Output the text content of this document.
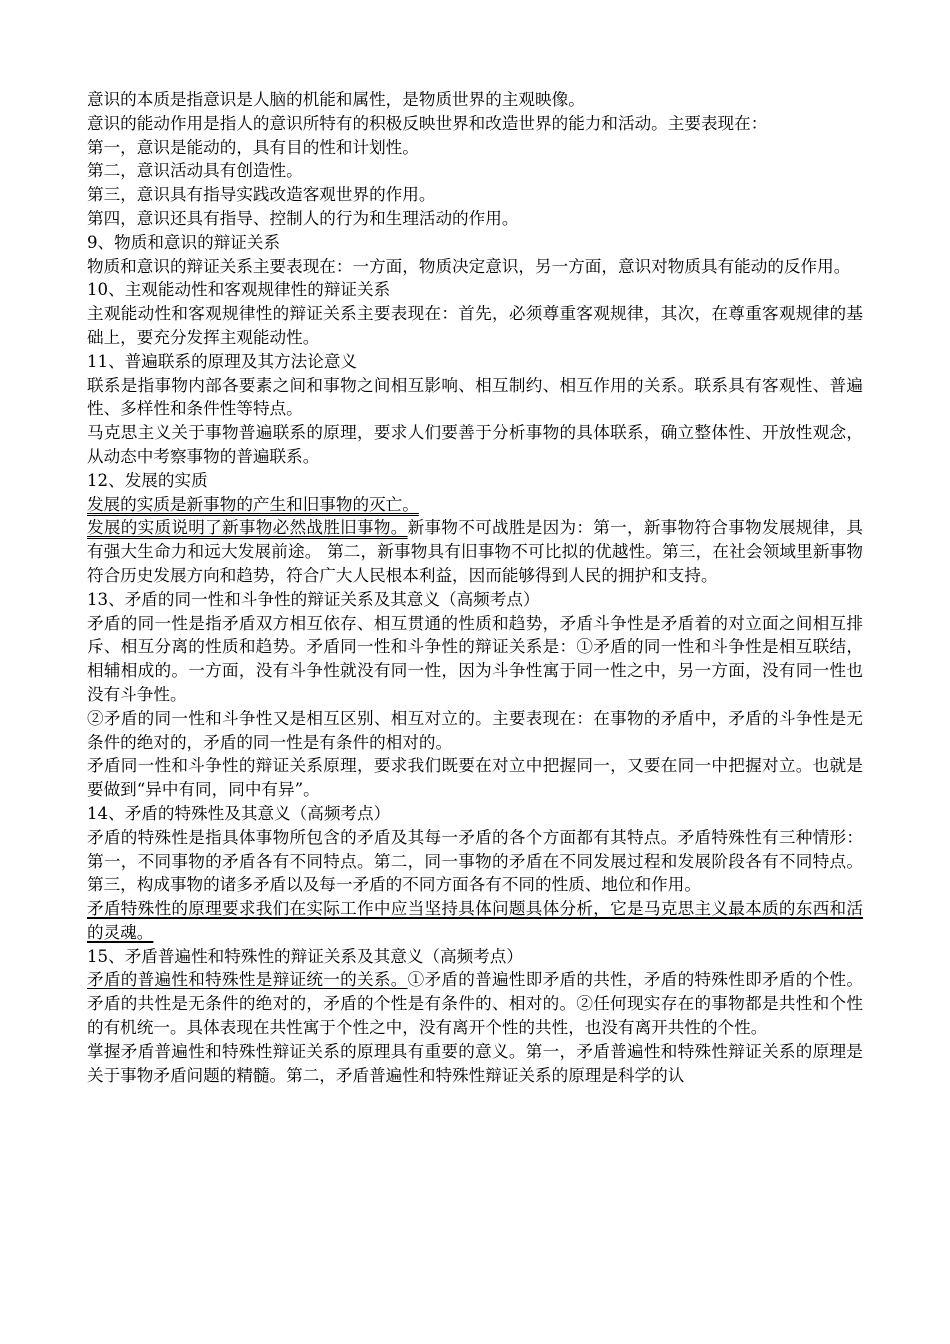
意识的本质是指意识是人脑的机能和属性，是物质世界的主观映像。

意识的能动作用是指人的意识所特有的积极反映世界和改造世界的能力和活动。主要表现在：

第一，意识是能动的，具有目的性和计划性。

第二，意识活动具有创造性。

第三，意识具有指导实践改造客观世界的作用。

第四，意识还具有指导、控制人的行为和生理活动的作用。

9、物质和意识的辩证关系

物质和意识的辩证关系主要表现在：一方面，物质决定意识，另一方面，意识对物质具有能动的反作用。

10、主观能动性和客观规律性的辩证关系

主观能动性和客观规律性的辩证关系主要表现在：首先，必须尊重客观规律，其次，在尊重客观规律的基础上，要充分发挥主观能动性。

11、普遍联系的原理及其方法论意义

联系是指事物内部各要素之间和事物之间相互影响、相互制约、相互作用的关系。联系具有客观性、普遍性、多样性和条件性等特点。

马克思主义关于事物普遍联系的原理，要求人们要善于分析事物的具体联系，确立整体性、开放性观念，从动态中考察事物的普遍联系。

12、发展的实质

发展的实质是新事物的产生和旧事物的灭亡。

发展的实质说明了新事物必然战胜旧事物。新事物不可战胜是因为：第一，新事物符合事物发展规律，具有强大生命力和远大发展前途。 第二，新事物具有旧事物不可比拟的优越性。第三，在社会领域里新事物符合历史发展方向和趋势，符合广大人民根本利益，因而能够得到人民的拥护和支持。

13、矛盾的同一性和斗争性的辩证关系及其意义（高频考点）

矛盾的同一性是指矛盾双方相互依存、相互贯通的性质和趋势，矛盾斗争性是矛盾着的对立面之间相互排斥、相互分离的性质和趋势。矛盾同一性和斗争性的辩证关系是：①矛盾的同一性和斗争性是相互联结，相辅相成的。一方面，没有斗争性就没有同一性，因为斗争性寓于同一性之中，另一方面，没有同一性也没有斗争性。

②矛盾的同一性和斗争性又是相互区别、相互对立的。主要表现在：在事物的矛盾中，矛盾的斗争性是无条件的绝对的，矛盾的同一性是有条件的相对的。

矛盾同一性和斗争性的辩证关系原理，要求我们既要在对立中把握同一，又要在同一中把握对立。也就是要做到“异中有同，同中有异”。

14、矛盾的特殊性及其意义（高频考点）

矛盾的特殊性是指具体事物所包含的矛盾及其每一矛盾的各个方面都有其特点。矛盾特殊性有三种情形：第一，不同事物的矛盾各有不同特点。第二，同一事物的矛盾在不同发展过程和发展阶段各有不同特点。第三，构成事物的诸多矛盾以及每一矛盾的不同方面各有不同的性质、地位和作用。

矛盾特殊性的原理要求我们在实际工作中应当坚持具体问题具体分析，它是马克思主义最本质的东西和活的灵魂。

15、矛盾普遍性和特殊性的辩证关系及其意义（高频考点）

矛盾的普遍性和特殊性是辩证统一的关系。①矛盾的普遍性即矛盾的共性，矛盾的特殊性即矛盾的个性。矛盾的共性是无条件的绝对的，矛盾的个性是有条件的、相对的。②任何现实存在的事物都是共性和个性的有机统一。具体表现在共性寓于个性之中，没有离开个性的共性，也没有离开共性的个性。

掌握矛盾普遍性和特殊性辩证关系的原理具有重要的意义。第一，矛盾普遍性和特殊性辩证关系的原理是关于事物矛盾问题的精髓。第二，矛盾普遍性和特殊性辩证关系的原理是科学的认
